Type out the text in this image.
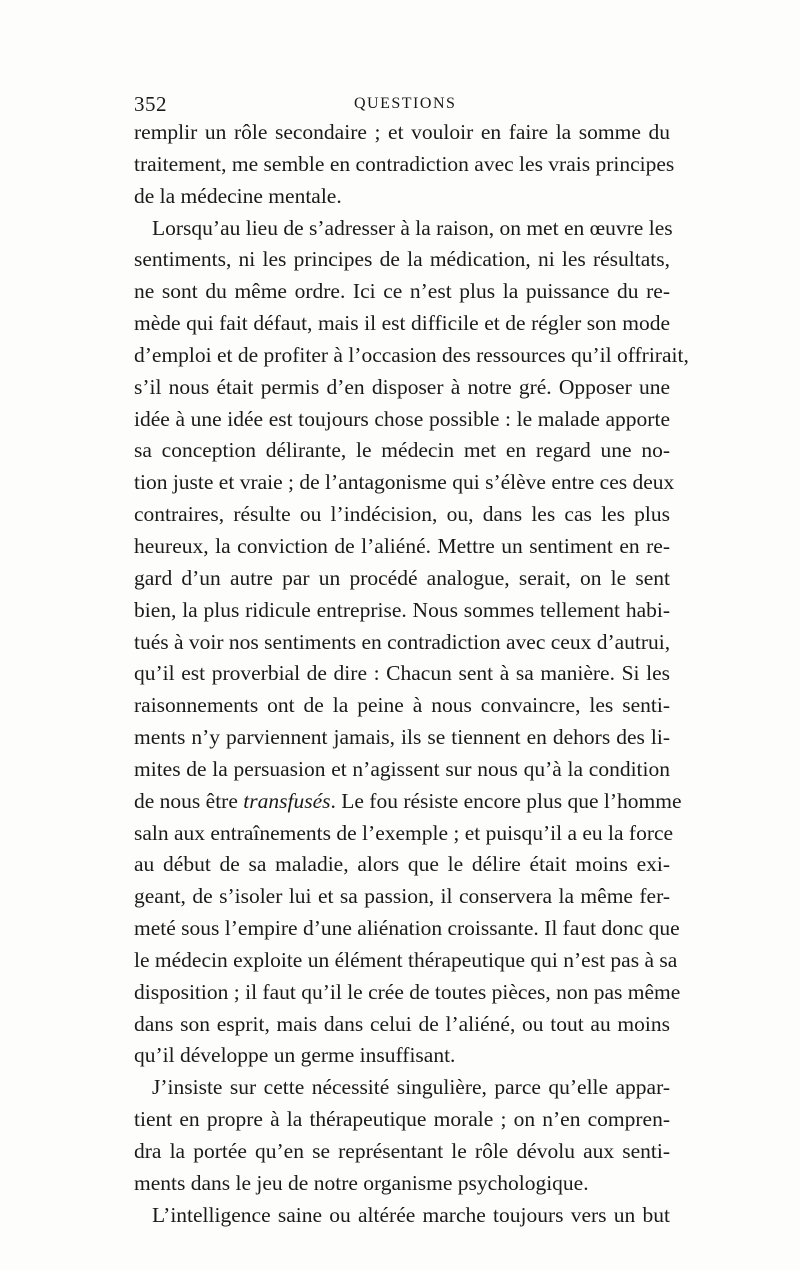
352	QUESTIONS
remplir un rôle secondaire ; et vouloir en faire la somme du
traitement, me semble en contradiction avec les vrais principes
de la médecine mentale.
Lorsqu’au lieu de s’adresser à la raison, on met en œuvre les
sentiments, ni les principes de la médication, ni les résultats,
ne sont du même ordre. Ici ce n’est plus la puissance du re-
mède qui fait défaut, mais il est difficile et de régler son mode
d’emploi et de profiter à l’occasion des ressources qu’il offrirait,
s’il nous était permis d’en disposer à notre gré. Opposer une
idée à une idée est toujours chose possible : le malade apporte
sa conception délirante, le médecin met en regard une no-
tion juste et vraie ; de l’antagonisme qui s’élève entre ces deux
contraires, résulte ou l’indécision, ou, dans les cas les plus
heureux, la conviction de l’aliéné. Mettre un sentiment en re-
gard d’un autre par un procédé analogue, serait, on le sent
bien, la plus ridicule entreprise. Nous sommes tellement habi-
tués à voir nos sentiments en contradiction avec ceux d’autrui,
qu’il est proverbial de dire : Chacun sent à sa manière. Si les
raisonnements ont de la peine à nous convaincre, les senti-
ments n’y parviennent jamais, ils se tiennent en dehors des li-
mites de la persuasion et n’agissent sur nous qu’à la condition
de nous être transfusés. Le fou résiste encore plus que l’homme
saln aux entraînements de l’exemple ; et puisqu’il a eu la force
au début de sa maladie, alors que le délire était moins exi-
geant, de s’isoler lui et sa passion, il conservera la même fer-
meté sous l’empire d’une aliénation croissante. Il faut donc que
le médecin exploite un élément thérapeutique qui n’est pas à sa
disposition ; il faut qu’il le crée de toutes pièces, non pas même
dans son esprit, mais dans celui de l’aliéné, ou tout au moins
qu’il développe un germe insuffisant.
J’insiste sur cette nécessité singulière, parce qu’elle appar-
tient en propre à la thérapeutique morale ; on n’en compren-
dra la portée qu’en se représentant le rôle dévolu aux senti-
ments dans le jeu de notre organisme psychologique.
L’intelligence saine ou altérée marche toujours vers un but
